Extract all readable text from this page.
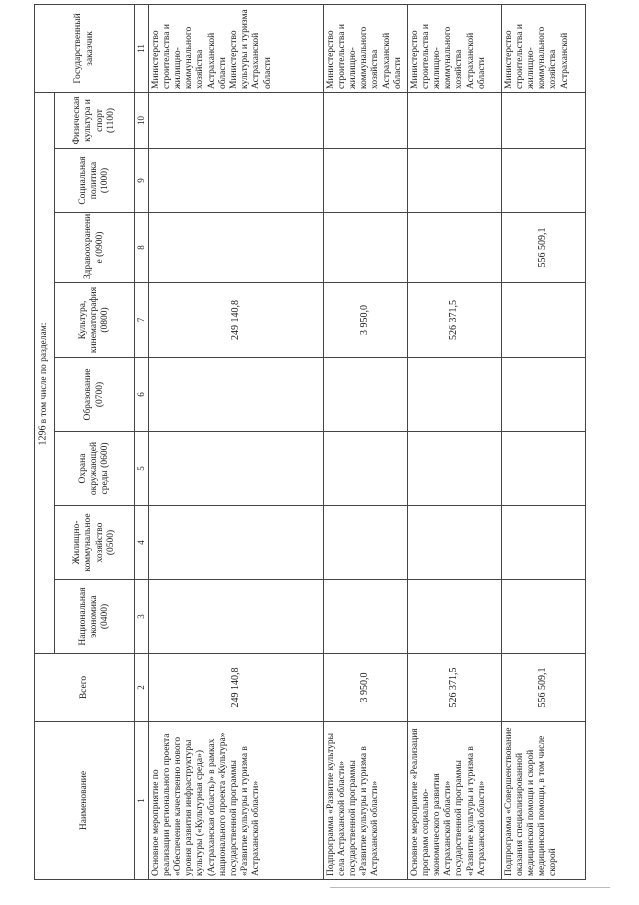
1296
Наименование	Всего	в том числе по разделам:								Государственный заказчик
		Национальная экономика (0400)	Жилищно-коммунальное хозяйство (0500)	Охрана окружающей среды (0600)	Образование (0700)	Культура, кинематография (0800)	Здравоохранени е (0900)	Социальная политика (1000)	Физическая культура и спорт (1100)	
1	2	3	4	5	6	7	8	9	10	11
Основное мероприятие по реализации регионального проекта «Обеспечение качественно нового уровня развития инфраструктуры культуры («Культурная среда») (Астраханская область)» в рамках национального проекта «Культура» государственной программы «Развитие культуры и туризма в Астраханской области»	249 140,8					249 140,8				Министерство строительства и жилищно-коммунального хозяйства Астраханской области Министерство культуры и туризма Астраханской области
Подпрограмма «Развитие культуры села Астраханской области» государственной программы «Развитие культуры и туризма в Астраханской области»	3 950,0					3 950,0				Министерство строительства и жилищно-коммунального хозяйства Астраханской области
Основное мероприятие «Реализация программ социально-экономического развития Астраханской области» государственной программы «Развитие культуры и туризма в Астраханской области»	526 371,5					526 371,5				Министерство строительства и жилищно-коммунального хозяйства Астраханской области
Подпрограмма «Совершенствование оказания специализированной медицинской помощи и скорой медицинской помощи, в том числе скорой	556 509,1						556 509,1			Министерство строительства и жилищно-коммунального хозяйства Астраханской
